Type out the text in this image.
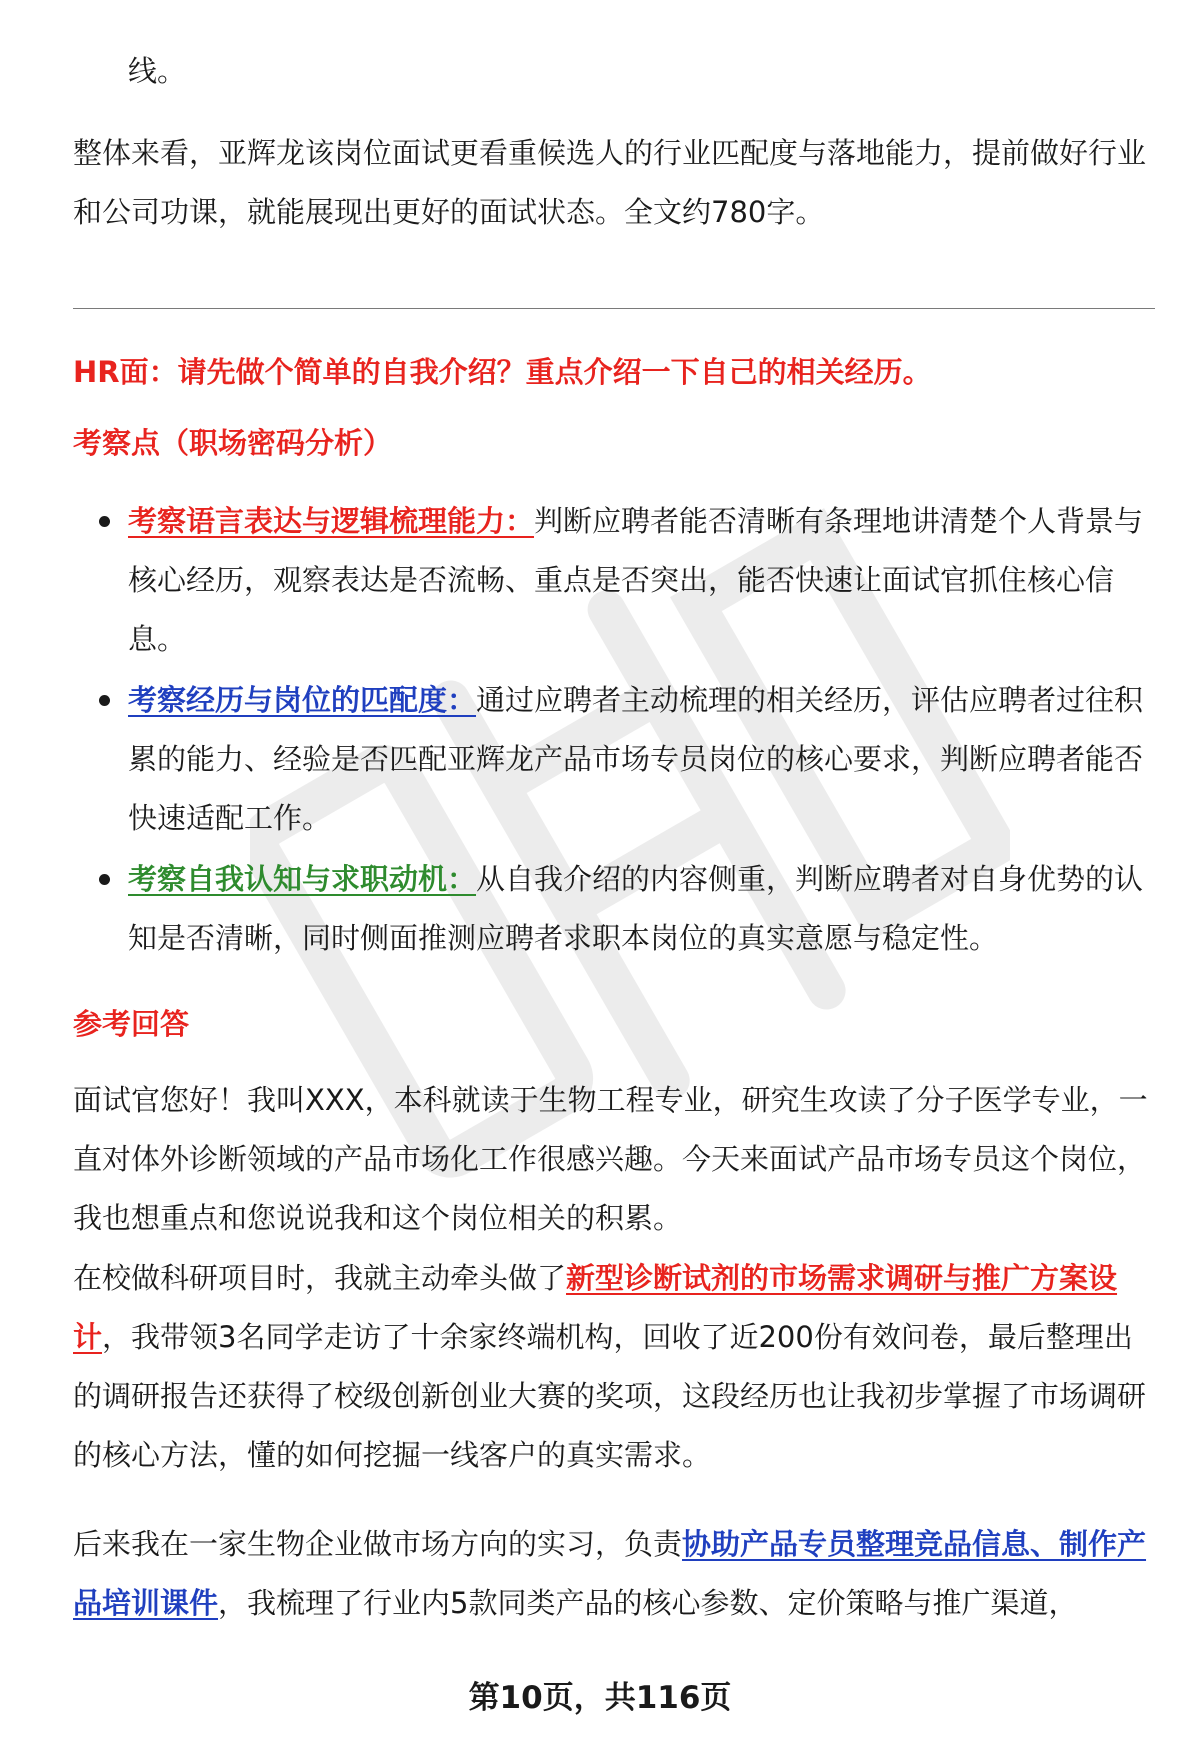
线。

整体来看，亚辉龙该岗位面试更看重候选人的行业匹配度与落地能力，提前做好行业和公司功课，就能展现出更好的面试状态。全文约780字。

HR面：请先做个简单的自我介绍？重点介绍一下自己的相关经历。

考察点（职场密码分析）

考察语言表达与逻辑梳理能力：判断应聘者能否清晰有条理地讲清楚个人背景与核心经历，观察表达是否流畅、重点是否突出，能否快速让面试官抓住核心信息。
考察经历与岗位的匹配度：通过应聘者主动梳理的相关经历，评估应聘者过往积累的能力、经验是否匹配亚辉龙产品市场专员岗位的核心要求，判断应聘者能否快速适配工作。
考察自我认知与求职动机：从自我介绍的内容侧重，判断应聘者对自身优势的认知是否清晰，同时侧面推测应聘者求职本岗位的真实意愿与稳定性。

参考回答

面试官您好！我叫XXX，本科就读于生物工程专业，研究生攻读了分子医学专业，一直对体外诊断领域的产品市场化工作很感兴趣。今天来面试产品市场专员这个岗位，我也想重点和您说说我和这个岗位相关的积累。

在校做科研项目时，我就主动牵头做了新型诊断试剂的市场需求调研与推广方案设计，我带领3名同学走访了十余家终端机构，回收了近200份有效问卷，最后整理出的调研报告还获得了校级创新创业大赛的奖项，这段经历也让我初步掌握了市场调研的核心方法，懂的如何挖掘一线客户的真实需求。

后来我在一家生物企业做市场方向的实习，负责协助产品专员整理竞品信息、制作产品培训课件，我梳理了行业内5款同类产品的核心参数、定价策略与推广渠道，

第10页，共116页
